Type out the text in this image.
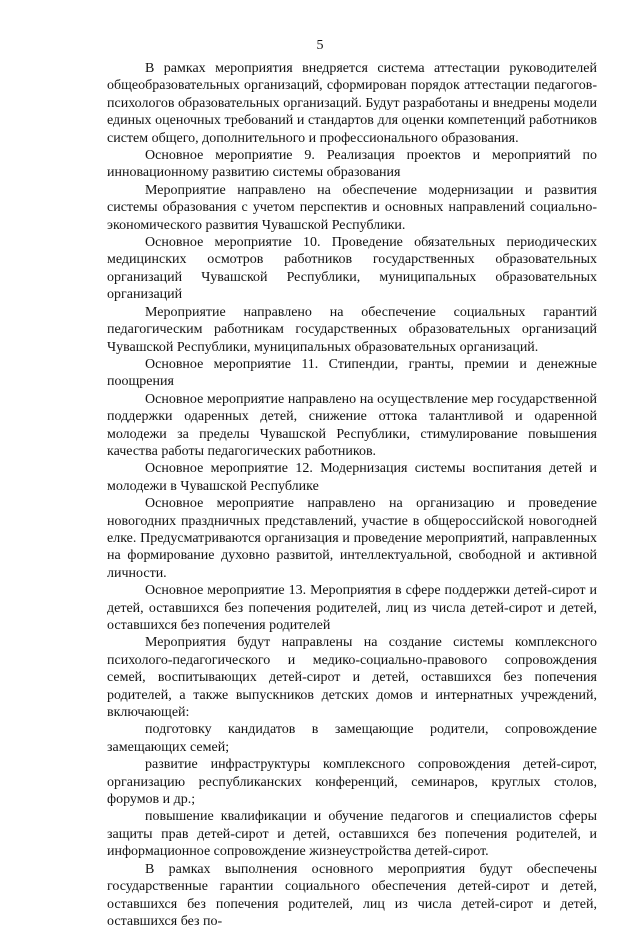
5

В рамках мероприятия внедряется система аттестации руководителей общеобразовательных организаций, сформирован порядок аттестации педагогов-психологов образовательных организаций. Будут разработаны и внедрены модели единых оценочных требований и стандартов для оценки компетенций работников систем общего, дополнительного и профессионального образования.

Основное мероприятие 9. Реализация проектов и мероприятий по инновационному развитию системы образования

Мероприятие направлено на обеспечение модернизации и развития системы образования с учетом перспектив и основных направлений социально-экономического развития Чувашской Республики.

Основное мероприятие 10. Проведение обязательных периодических медицинских осмотров работников государственных образовательных организаций Чувашской Республики, муниципальных образовательных организаций

Мероприятие направлено на обеспечение социальных гарантий педагогическим работникам государственных образовательных организаций Чувашской Республики, муниципальных образовательных организаций.

Основное мероприятие 11. Стипендии, гранты, премии и денежные поощрения

Основное мероприятие направлено на осуществление мер государственной поддержки одаренных детей, снижение оттока талантливой и одаренной молодежи за пределы Чувашской Республики, стимулирование повышения качества работы педагогических работников.

Основное мероприятие 12. Модернизация системы воспитания детей и молодежи в Чувашской Республике

Основное мероприятие направлено на организацию и проведение новогодних праздничных представлений, участие в общероссийской новогодней елке. Предусматриваются организация и проведение мероприятий, направленных на формирование духовно развитой, интеллектуальной, свободной и активной личности.

Основное мероприятие 13. Мероприятия в сфере поддержки детей-сирот и детей, оставшихся без попечения родителей, лиц из числа детей-сирот и детей, оставшихся без попечения родителей

Мероприятия будут направлены на создание системы комплексного психолого-педагогического и медико-социально-правового сопровождения семей, воспитывающих детей-сирот и детей, оставшихся без попечения родителей, а также выпускников детских домов и интернатных учреждений, включающей:

подготовку кандидатов в замещающие родители, сопровождение замещающих семей;

развитие инфраструктуры комплексного сопровождения детей-сирот, организацию республиканских конференций, семинаров, круглых столов, форумов и др.;

повышение квалификации и обучение педагогов и специалистов сферы защиты прав детей-сирот и детей, оставшихся без попечения родителей, и информационное сопровождение жизнеустройства детей-сирот.

В рамках выполнения основного мероприятия будут обеспечены государственные гарантии социального обеспечения детей-сирот и детей, оставшихся без попечения родителей, лиц из числа детей-сирот и детей, оставшихся без по-
